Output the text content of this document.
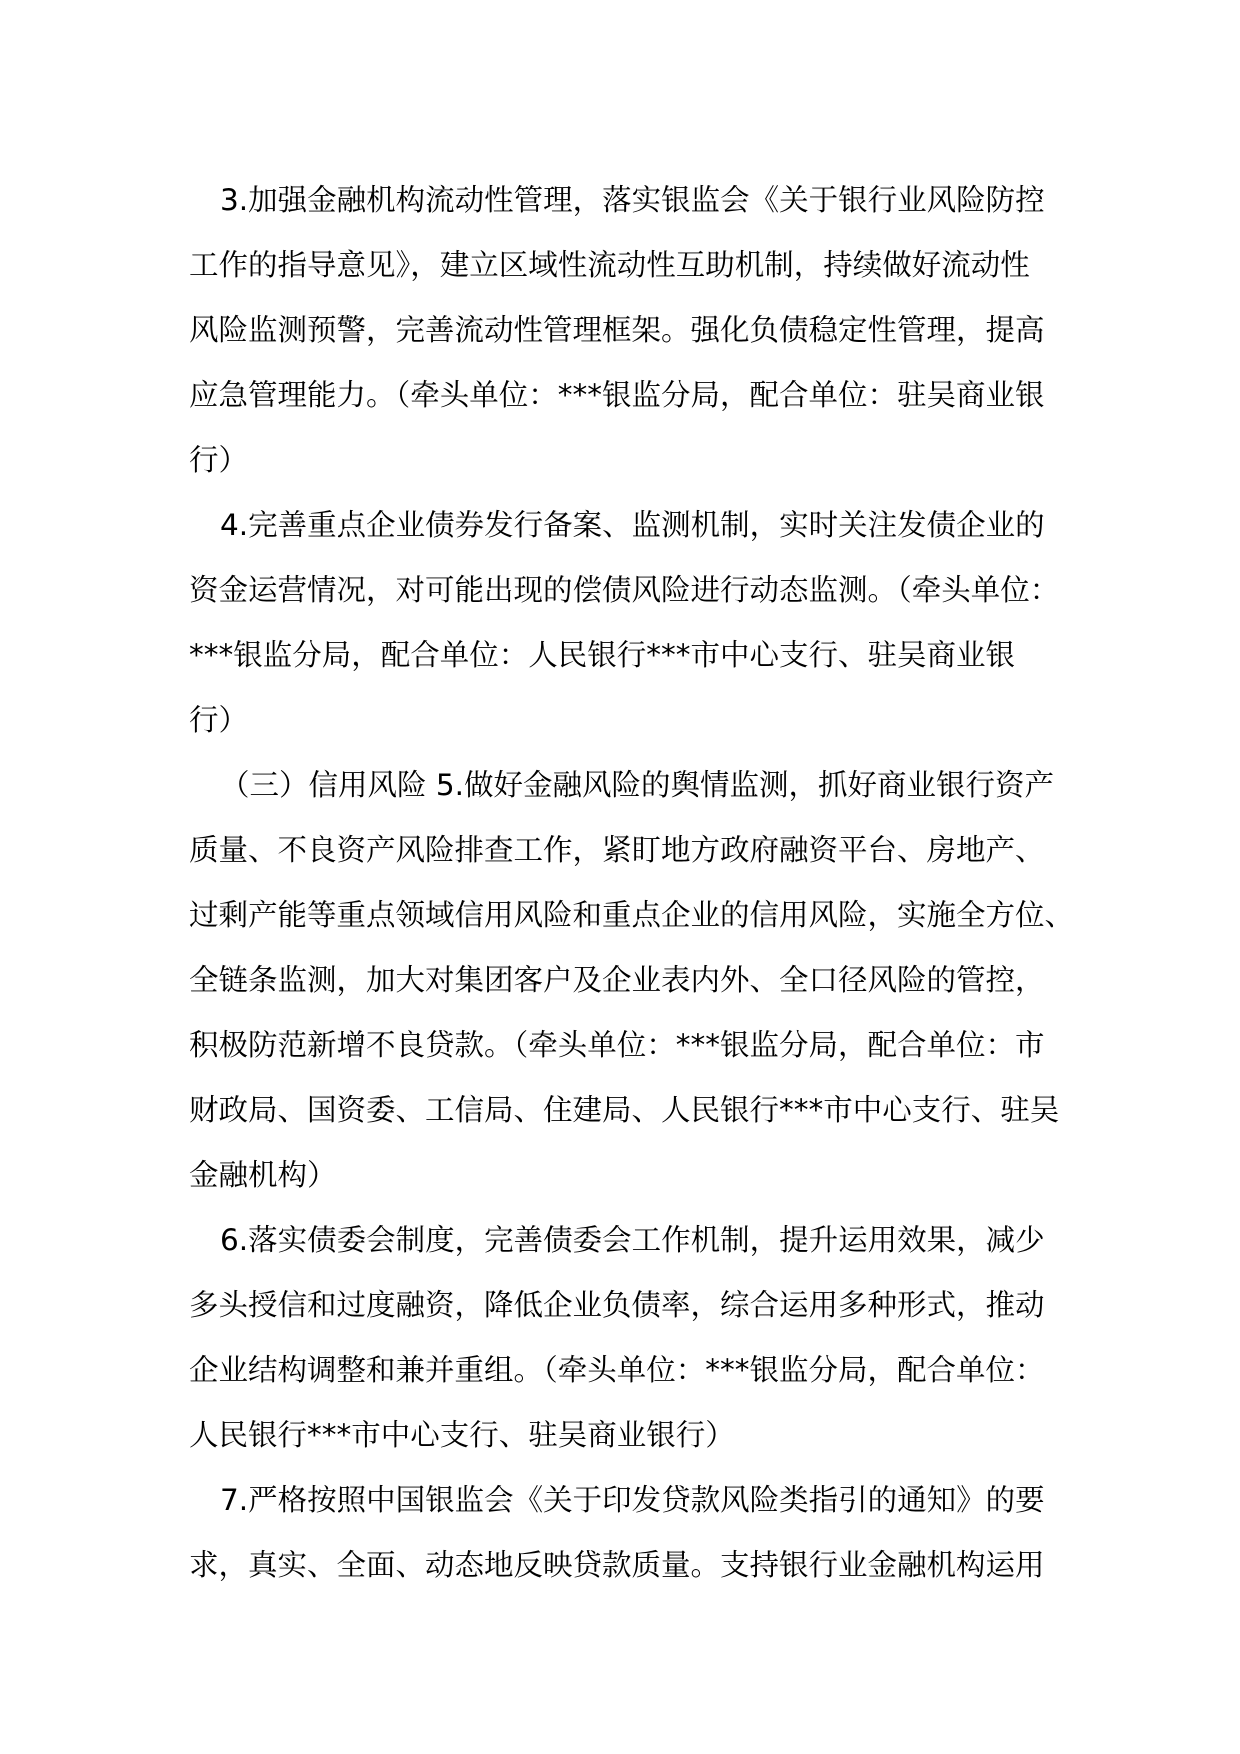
3.加强金融机构流动性管理，落实银监会《关于银行业风险防控
工作的指导意见》，建立区域性流动性互助机制，持续做好流动性
风险监测预警，完善流动性管理框架。强化负债稳定性管理，提高
应急管理能力。（牵头单位：***银监分局，配合单位：驻吴商业银
行）
4.完善重点企业债券发行备案、监测机制，实时关注发债企业的
资金运营情况，对可能出现的偿债风险进行动态监测。（牵头单位：
***银监分局，配合单位：人民银行***市中心支行、驻吴商业银
行）
（三）信用风险 5.做好金融风险的舆情监测，抓好商业银行资产
质量、不良资产风险排查工作，紧盯地方政府融资平台、房地产、
过剩产能等重点领域信用风险和重点企业的信用风险，实施全方位、
全链条监测，加大对集团客户及企业表内外、全口径风险的管控，
积极防范新增不良贷款。（牵头单位：***银监分局，配合单位：市
财政局、国资委、工信局、住建局、人民银行***市中心支行、驻吴
金融机构）
6.落实债委会制度，完善债委会工作机制，提升运用效果，减少
多头授信和过度融资，降低企业负债率，综合运用多种形式，推动
企业结构调整和兼并重组。（牵头单位：***银监分局，配合单位：
人民银行***市中心支行、驻吴商业银行）
7.严格按照中国银监会《关于印发贷款风险类指引的通知》的要
求，真实、全面、动态地反映贷款质量。支持银行业金融机构运用
